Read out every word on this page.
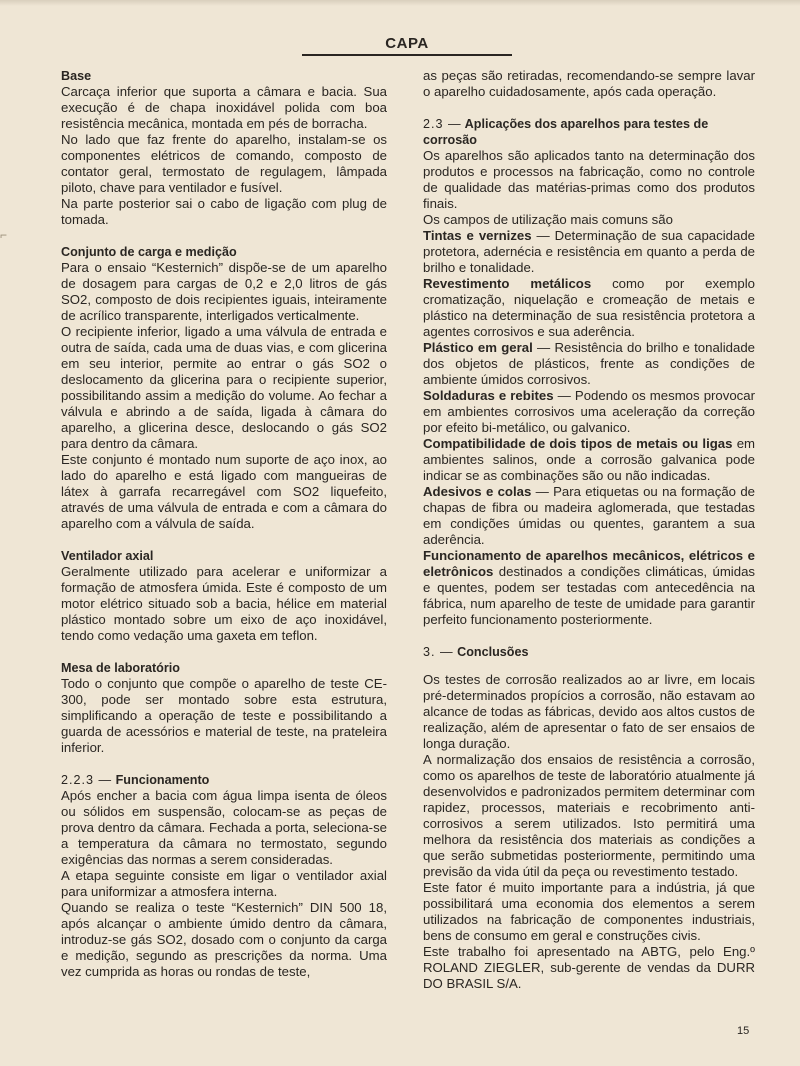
⌐
CAPA
Base

Carcaça inferior que suporta a câmara e bacia. Sua execução é de chapa inoxidável polida com boa resistência mecânica, montada em pés de borracha.

No lado que faz frente do aparelho, instalam-se os componentes elétricos de comando, composto de contator geral, termostato de regulagem, lâmpada piloto, chave para ventilador e fusível.

Na parte posterior sai o cabo de ligação com plug de tomada.

Conjunto de carga e medição

Para o ensaio “Kesternich” dispõe-se de um aparelho de dosagem para cargas de 0,2 e 2,0 litros de gás SO2, composto de dois recipientes iguais, inteiramente de acrílico transparente, interligados verticalmente.

O recipiente inferior, ligado a uma válvula de entrada e outra de saída, cada uma de duas vias, e com glicerina em seu interior, permite ao entrar o gás SO2 o deslocamento da glicerina para o recipiente superior, possibilitando assim a medição do volume. Ao fechar a válvula e abrindo a de saída, ligada à câmara do aparelho, a glicerina desce, deslocando o gás SO2 para dentro da câmara.

Este conjunto é montado num suporte de aço inox, ao lado do aparelho e está ligado com mangueiras de látex à garrafa recarregável com SO2 liquefeito, através de uma válvula de entrada e com a câmara do aparelho com a válvula de saída.

Ventilador axial

Geralmente utilizado para acelerar e uniformizar a formação de atmosfera úmida. Este é composto de um motor elétrico situado sob a bacia, hélice em material plástico montado sobre um eixo de aço inoxidável, tendo como vedação uma gaxeta em teflon.

Mesa de laboratório

Todo o conjunto que compõe o aparelho de teste CE-300, pode ser montado sobre esta estrutura, simplificando a operação de teste e possibilitando a guarda de acessórios e material de teste, na prateleira inferior.

2.2.3 — Funcionamento

Após encher a bacia com água limpa isenta de óleos ou sólidos em suspensão, colocam-se as peças de prova dentro da câmara. Fechada a porta, seleciona-se a temperatura da câmara no termostato, segundo exigências das normas a serem consideradas.

A etapa seguinte consiste em ligar o ventilador axial para uniformizar a atmosfera interna.

Quando se realiza o teste “Kesternich” DIN 500 18, após alcançar o ambiente úmido dentro da câmara, introduz-se gás SO2, dosado com o conjunto da carga e medição, segundo as prescrições da norma. Uma vez cumprida as horas ou rondas de teste,

as peças são retiradas, recomendando-se sempre lavar o aparelho cuidadosamente, após cada operação.

2.3 — Aplicações dos aparelhos para testes de corrosão

Os aparelhos são aplicados tanto na determinação dos produtos e processos na fabricação, como no controle de qualidade das matérias-primas como dos produtos finais.

Os campos de utilização mais comuns são

Tintas e vernizes — Determinação de sua capacidade protetora, adernécia e resistência em quanto a perda de brilho e tonalidade.

Revestimento metálicos como por exemplo cromatização, niquelação e cromeação de metais e plástico na determinação de sua resistência protetora a agentes corrosivos e sua aderência.

Plástico em geral — Resistência do brilho e tonalidade dos objetos de plásticos, frente as condições de ambiente úmidos corrosivos.

Soldaduras e rebites — Podendo os mesmos provocar em ambientes corrosivos uma aceleração da correção por efeito bi-metálico, ou galvanico.

Compatibilidade de dois tipos de metais ou ligas em ambientes salinos, onde a corrosão galvanica pode indicar se as combinações são ou não indicadas.

Adesivos e colas — Para etiquetas ou na formação de chapas de fibra ou madeira aglomerada, que testadas em condições úmidas ou quentes, garantem a sua aderência.

Funcionamento de aparelhos mecânicos, elétricos e eletrônicos destinados a condições climáticas, úmidas e quentes, podem ser testadas com antecedência na fábrica, num aparelho de teste de umidade para garantir perfeito funcionamento posteriormente.

3. — Conclusões

Os testes de corrosão realizados ao ar livre, em locais pré-determinados propícios a corrosão, não estavam ao alcance de todas as fábricas, devido aos altos custos de realização, além de apresentar o fato de ser ensaios de longa duração.

A normalização dos ensaios de resistência a corrosão, como os aparelhos de teste de laboratório atualmente já desenvolvidos e padronizados permitem determinar com rapidez, processos, materiais e recobrimento anti-corrosivos a serem utilizados. Isto permitirá uma melhora da resistência dos materiais as condições a que serão submetidas posteriormente, permitindo uma previsão da vida útil da peça ou revestimento testado.

Este fator é muito importante para a indústria, já que possibilitará uma economia dos elementos a serem utilizados na fabricação de componentes industriais, bens de consumo em geral e construções civis.

Este trabalho foi apresentado na ABTG, pelo Eng.º ROLAND ZIEGLER, sub-gerente de vendas da DURR DO BRASIL S/A.

15
